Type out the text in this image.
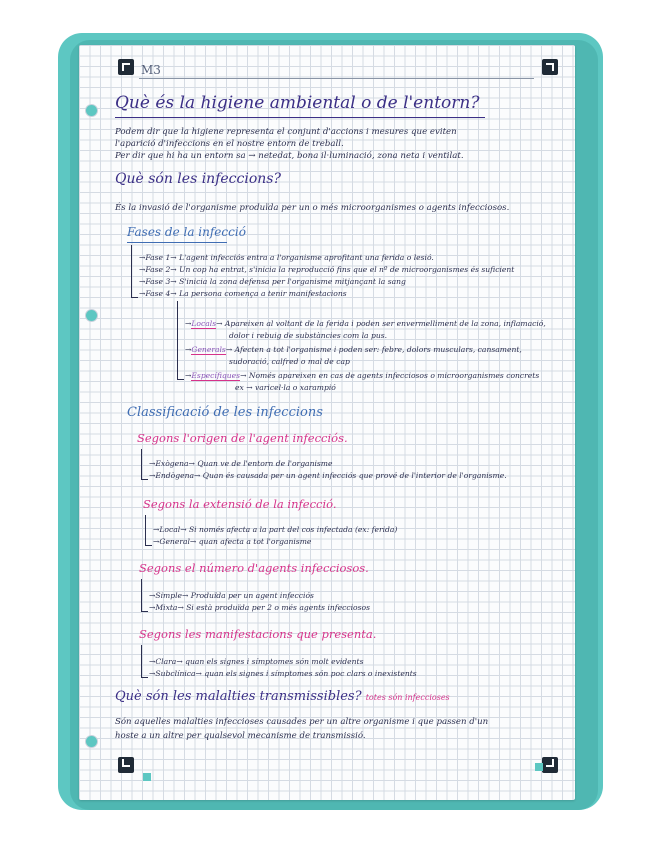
M3
Què és la higiene ambiental o de l'entorn?
Podem dir que la higiene representa el conjunt d'accions i mesures que eviten
l'aparició d'infeccions en el nostre entorn de treball.
Per dir que hi ha un entorn sa → netedat, bona il·luminació, zona neta i ventilat.
Què són les infeccions?
És la invasió de l'organisme produïda per un o més microorganismes o agents infecciosos.
Fases de la infecció
→Fase 1→ L'agent infecciós entra a l'organisme aprofitant una ferida o lesió.
→Fase 2→ Un cop ha entrat, s'inicia la reproducció fins que el nº de microorganismes és suficient
→Fase 3→ S'inicia la zona defensa per l'organisme mitjançant la sang
→Fase 4→ La persona comença a tenir manifestacions
→Locals→ Apareixen al voltant de la ferida i poden ser envermelliment de la zona, inflamació,
dolor i rebuig de substàncies com la pus.
→Generals→ Afecten a tot l'organisme i poden ser: febre, dolors musculars, cansament,
sudoració, calfred o mal de cap
→Específiques→ Només apareixen en cas de agents infecciosos o microorganismes concrets
ex → varicel·la o xarampió
Classificació de les infeccions
Segons l'origen de l'agent infecciós.
→Exògena→ Quan ve de l'entorn de l'organisme
→Endògena→ Quan és causada per un agent infecciós que prové de l'interior de l'organisme.
Segons la extensió de la infecció.
→Local→ Si només afecta a la part del cos infectada (ex: ferida)
→General→ quan afecta a tot l'organisme
Segons el número d'agents infecciosos.
→Simple→ Produïda per un agent infecciós
→Mixta→ Si està produïda per 2 o més agents infecciosos
Segons les manifestacions que presenta.
→Clara→ quan els signes i símptomes són molt evidents
→Subclínica→ quan els signes i símptomes són poc clars o inexistents
Què són les malalties transmissibles? totes són infeccioses
Són aquelles malalties infeccioses causades per un altre organisme i que passen d'un
hoste a un altre per qualsevol mecanisme de transmissió.
